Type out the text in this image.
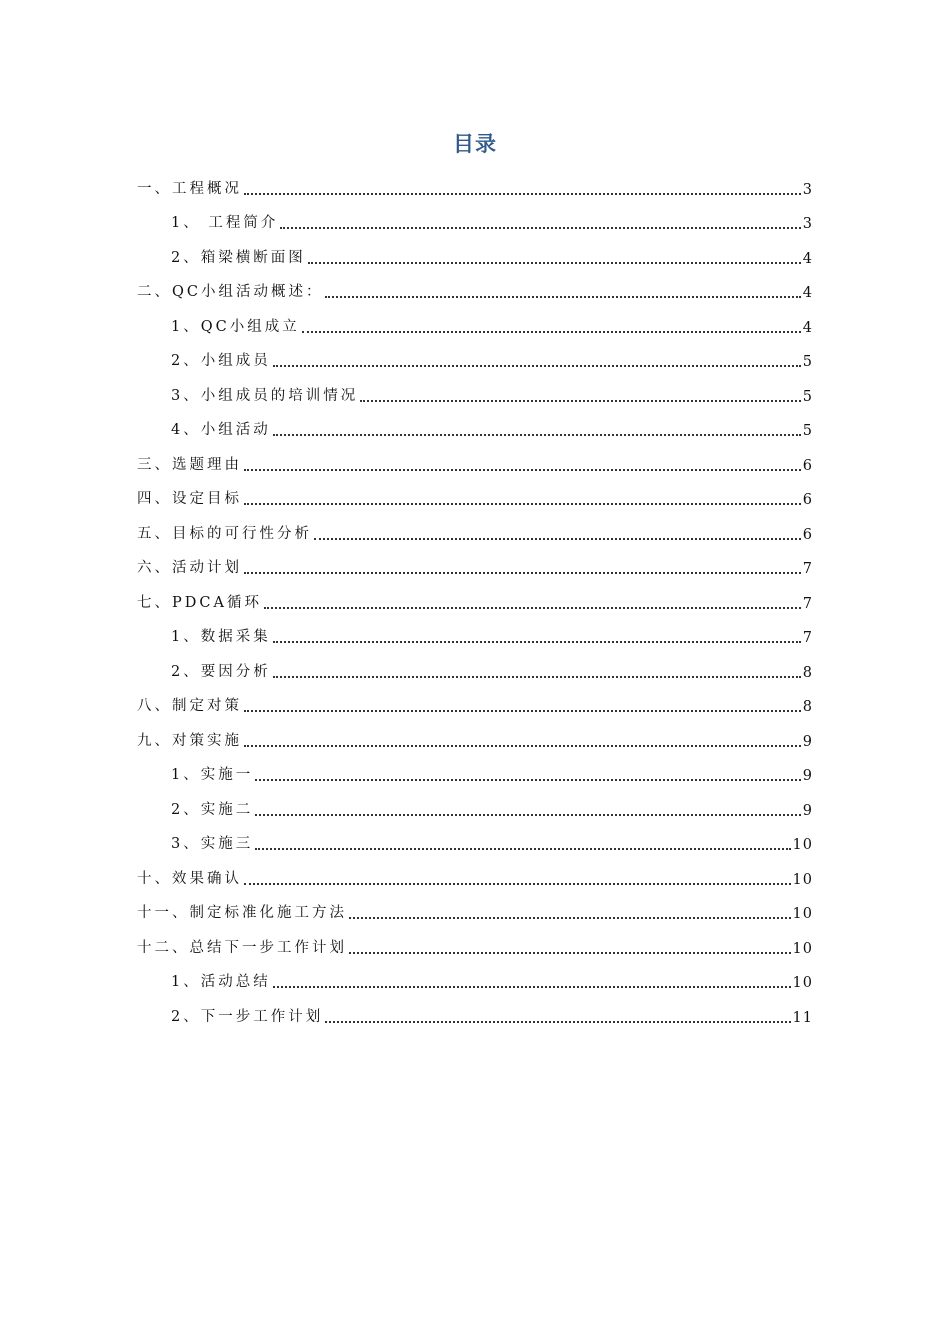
目录
一、工程概况	3
1、 工程简介	3
2、箱梁横断面图	4
二、QC小组活动概述：	4
1、QC小组成立	4
2、小组成员	5
3、小组成员的培训情况	5
4、小组活动	5
三、选题理由	6
四、设定目标	6
五、目标的可行性分析	6
六、活动计划	7
七、PDCA循环	7
1、数据采集	7
2、要因分析	8
八、制定对策	8
九、对策实施	9
1、实施一	9
2、实施二	9
3、实施三	10
十、效果确认	10
十一、制定标准化施工方法	10
十二、总结下一步工作计划	10
1、活动总结	10
2、下一步工作计划	11
